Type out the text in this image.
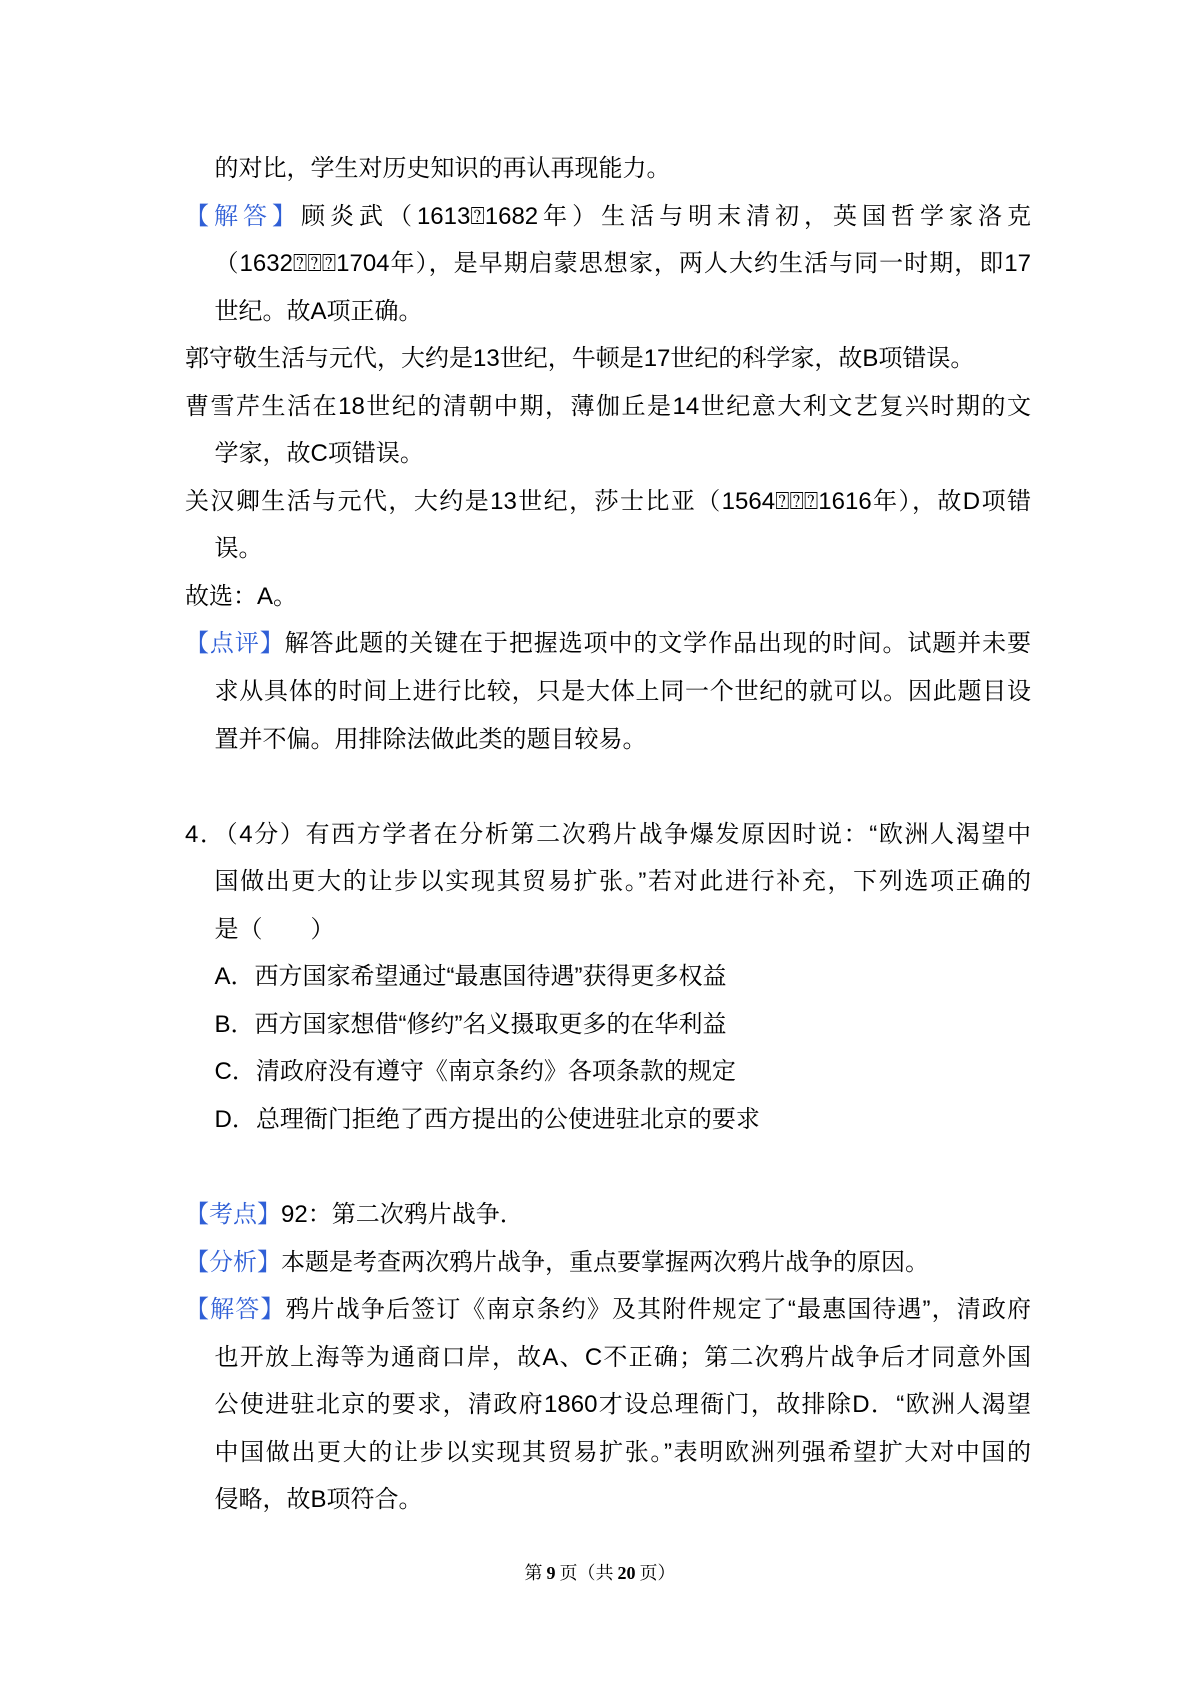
的对比，学生对历史知识的再认再现能力。
【解答】顾炎武（1613⍰1682年）生活与明末清初，英国哲学家洛克
（1632⍰⍰⍰1704年），是早期启蒙思想家，两人大约生活与同一时期，即17
世纪。故A项正确。
郭守敬生活与元代，大约是13世纪，牛顿是17世纪的科学家，故B项错误。
曹雪芹生活在18世纪的清朝中期，薄伽丘是14世纪意大利文艺复兴时期的文
学家，故C项错误。
关汉卿生活与元代，大约是13世纪，莎士比亚（1564⍰⍰⍰1616年），故D项错
误。
故选：A。
【点评】解答此题的关键在于把握选项中的文学作品出现的时间。试题并未要
求从具体的时间上进行比较，只是大体上同一个世纪的就可以。因此题目设
置并不偏。用排除法做此类的题目较易。
4．（4分）有西方学者在分析第二次鸦片战争爆发原因时说：“欧洲人渴望中
国做出更大的让步以实现其贸易扩张。”若对此进行补充，下列选项正确的
是（　　）
A．西方国家希望通过“最惠国待遇”获得更多权益
B．西方国家想借“修约”名义摄取更多的在华利益
C．清政府没有遵守《南京条约》各项条款的规定
D．总理衙门拒绝了西方提出的公使进驻北京的要求
【考点】92：第二次鸦片战争．
【分析】本题是考查两次鸦片战争，重点要掌握两次鸦片战争的原因。
【解答】鸦片战争后签订《南京条约》及其附件规定了“最惠国待遇”，清政府
也开放上海等为通商口岸，故A、C不正确；第二次鸦片战争后才同意外国
公使进驻北京的要求，清政府1860才设总理衙门，故排除D．“欧洲人渴望
中国做出更大的让步以实现其贸易扩张。”表明欧洲列强希望扩大对中国的
侵略，故B项符合。
第 9 页（共 20 页）
